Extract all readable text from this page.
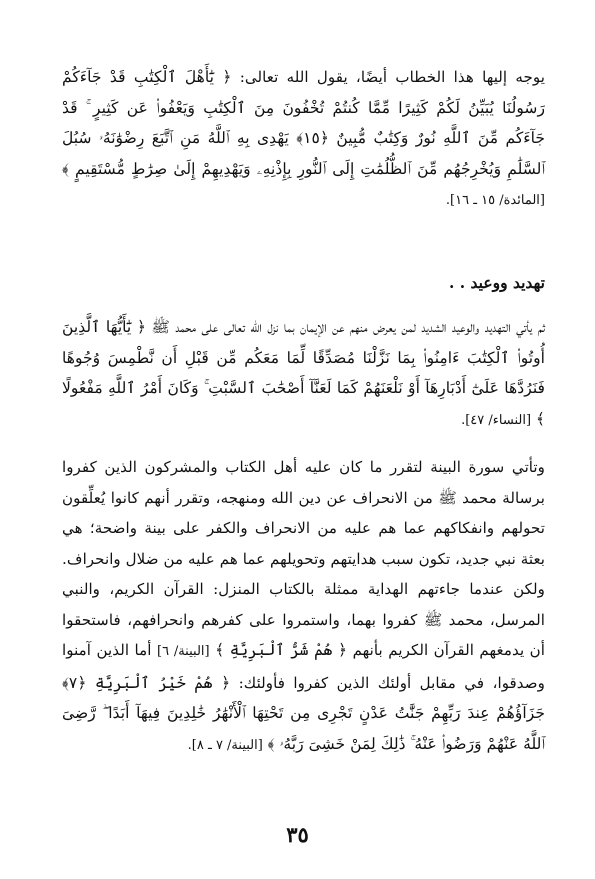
يوجه إليها هذا الخطاب أيضًا، يقول الله تعالى: ﴿ يَٰٓأَهْلَ ٱلْكِتَٰبِ قَدْ جَآءَكُمْ رَسُولُنَا يُبَيِّنُ لَكُمْ كَثِيرًا مِّمَّا كُنتُمْ تُخْفُونَ مِنَ ٱلْكِتَٰبِ وَيَعْفُوا۟ عَن كَثِيرٍ ۚ قَدْ جَآءَكُم مِّنَ ٱللَّهِ نُورٌ وَكِتَٰبٌ مُّبِينٌ ﴿١٥﴾ يَهْدِى بِهِ ٱللَّهُ مَنِ ٱتَّبَعَ رِضْوَٰنَهُۥ سُبُلَ ٱلسَّلَٰمِ وَيُخْرِجُهُم مِّنَ ٱلظُّلُمَٰتِ إِلَى ٱلنُّورِ بِإِذْنِهِۦ وَيَهْدِيهِمْ إِلَىٰ صِرَٰطٍ مُّسْتَقِيمٍ ﴾ [المائدة/ ١٥ ـ ١٦].
تهديد ووعيد . .
ثم يأتي التهديد والوعيد الشديد لمن يعرض منهم عن الإيمان بما نزل الله تعالى على محمد ﷺ ﴿ يَٰٓأَيُّهَا ٱلَّذِينَ أُوتُوا۟ ٱلْكِتَٰبَ ءَامِنُوا۟ بِمَا نَزَّلْنَا مُصَدِّقًا لِّمَا مَعَكُم مِّن قَبْلِ أَن نَّطْمِسَ وُجُوهًا فَنَرُدَّهَا عَلَىٰٓ أَدْبَارِهَآ أَوْ نَلْعَنَهُمْ كَمَا لَعَنَّآ أَصْحَٰبَ ٱلسَّبْتِ ۚ وَكَانَ أَمْرُ ٱللَّهِ مَفْعُولًا ﴾ [النساء/ ٤٧].
وتأتي سورة البينة لتقرر ما كان عليه أهل الكتاب والمشركون الذين كفروا برسالة محمد ﷺ من الانحراف عن دين الله ومنهجه، وتقرر أنهم كانوا يُعلِّقون تحولهم وانفكاكهم عما هم عليه من الانحراف والكفر على بينة واضحة؛ هي بعثة نبي جديد، تكون سبب هدايتهم وتحويلهم عما هم عليه من ضلال وانحراف. ولكن عندما جاءتهم الهداية ممثلة بالكتاب المنزل: القرآن الكريم، والنبي المرسل، محمد ﷺ كفروا بهما، واستمروا على كفرهم وانحرافهم، فاستحقوا أن يدمغهم القرآن الكريم بأنهم ﴿ هُمْ شَرُّ ٱلْبَرِيَّةِ ﴾ [البينة/ ٦] أما الذين آمنوا وصدقوا، في مقابل أولئك الذين كفروا فأولئك: ﴿ هُمْ خَيْرُ ٱلْبَرِيَّةِ ﴿٧﴾ جَزَآؤُهُمْ عِندَ رَبِّهِمْ جَنَّٰتُ عَدْنٍ تَجْرِى مِن تَحْتِهَا ٱلْأَنْهَٰرُ خَٰلِدِينَ فِيهَآ أَبَدًا ۖ رَّضِىَ ٱللَّهُ عَنْهُمْ وَرَضُوا۟ عَنْهُ ۚ ذَٰلِكَ لِمَنْ خَشِىَ رَبَّهُۥ ﴾ [البينة/ ٧ ـ ٨].
٣٥
